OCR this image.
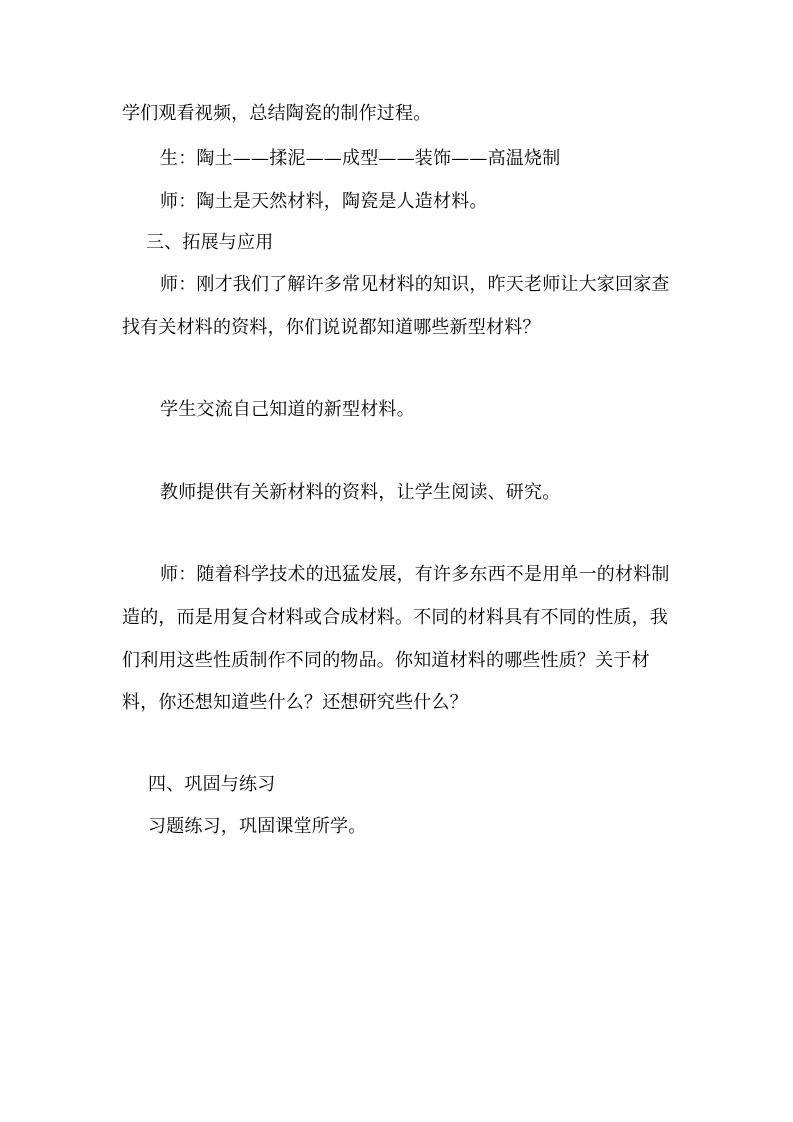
学们观看视频，总结陶瓷的制作过程。
生：陶土——揉泥——成型——装饰——高温烧制
师：陶土是天然材料，陶瓷是人造材料。
三、拓展与应用
师：刚才我们了解许多常见材料的知识，昨天老师让大家回家查
找有关材料的资料，你们说说都知道哪些新型材料？
学生交流自己知道的新型材料。
教师提供有关新材料的资料，让学生阅读、研究。
师：随着科学技术的迅猛发展，有许多东西不是用单一的材料制
造的，而是用复合材料或合成材料。不同的材料具有不同的性质，我
们利用这些性质制作不同的物品。你知道材料的哪些性质？关于材
料，你还想知道些什么？还想研究些什么？
四、巩固与练习
习题练习，巩固课堂所学。
